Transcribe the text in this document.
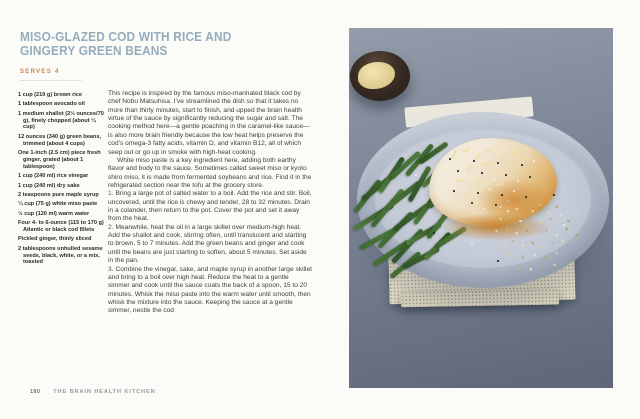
MISO-GLAZED COD WITH RICE AND
GINGERY GREEN BEANS
SERVES 4
1 cup (210 g) brown rice
1 tablespoon avocado oil
1 medium shallot (2½ ounces/70 g), finely chopped (about ¼ cup)
12 ounces (340 g) green beans, trimmed (about 4 cups)
One 1-inch (2.5 cm) piece fresh ginger, grated (about 1 tablespoon)
1 cup (240 ml) rice vinegar
1 cup (240 ml) dry sake
2 teaspoons pure maple syrup
¼ cup (75 g) white miso paste
½ cup (120 ml) warm water
Four 4- to 6-ounce (115 to 170 g) Atlantic or black cod fillets
Pickled ginger, thinly sliced
2 tablespoons unhulled sesame seeds, black, white, or a mix, toasted

This recipe is inspired by the famous miso-marinated black cod by chef Nobu Matsuhisa. I’ve streamlined the dish so that it takes no more than thirty minutes, start to finish, and upped the brain health virtue of the sauce by significantly reducing the sugar and salt. The cooking method here—a gentle poaching in the caramel-like sauce—is also more brain friendly because the low heat helps preserve the cod’s omega-3 fatty acids, vitamin D, and vitamin B12, all of which seep out or go up in smoke with high-heat cooking.

White miso paste is a key ingredient here, adding both earthy flavor and body to the sauce. Sometimes called sweet miso or kyoto shiro miso, it is made from fermented soybeans and rice. Find it in the refrigerated section near the tofu at the grocery store.

1. Bring a large pot of salted water to a boil. Add the rice and stir. Boil, uncovered, until the rice is chewy and tender, 28 to 32 minutes. Drain in a colander, then return to the pot. Cover the pot and set it away from the heat.

2. Meanwhile, heat the oil in a large skillet over medium-high heat. Add the shallot and cook, stirring often, until translucent and starting to brown, 5 to 7 minutes. Add the green beans and ginger and cook until the beans are just starting to soften, about 5 minutes. Set aside in the pan.

3. Combine the vinegar, sake, and maple syrup in another large skillet and bring to a boil over high heat. Reduce the heat to a gentle simmer and cook until the sauce coats the back of a spoon, 15 to 20 minutes. Whisk the miso paste into the warm water until smooth, then whisk the mixture into the sauce. Keeping the sauce at a gentle simmer, nestle the cod

180 THE BRAIN HEALTH KITCHEN
